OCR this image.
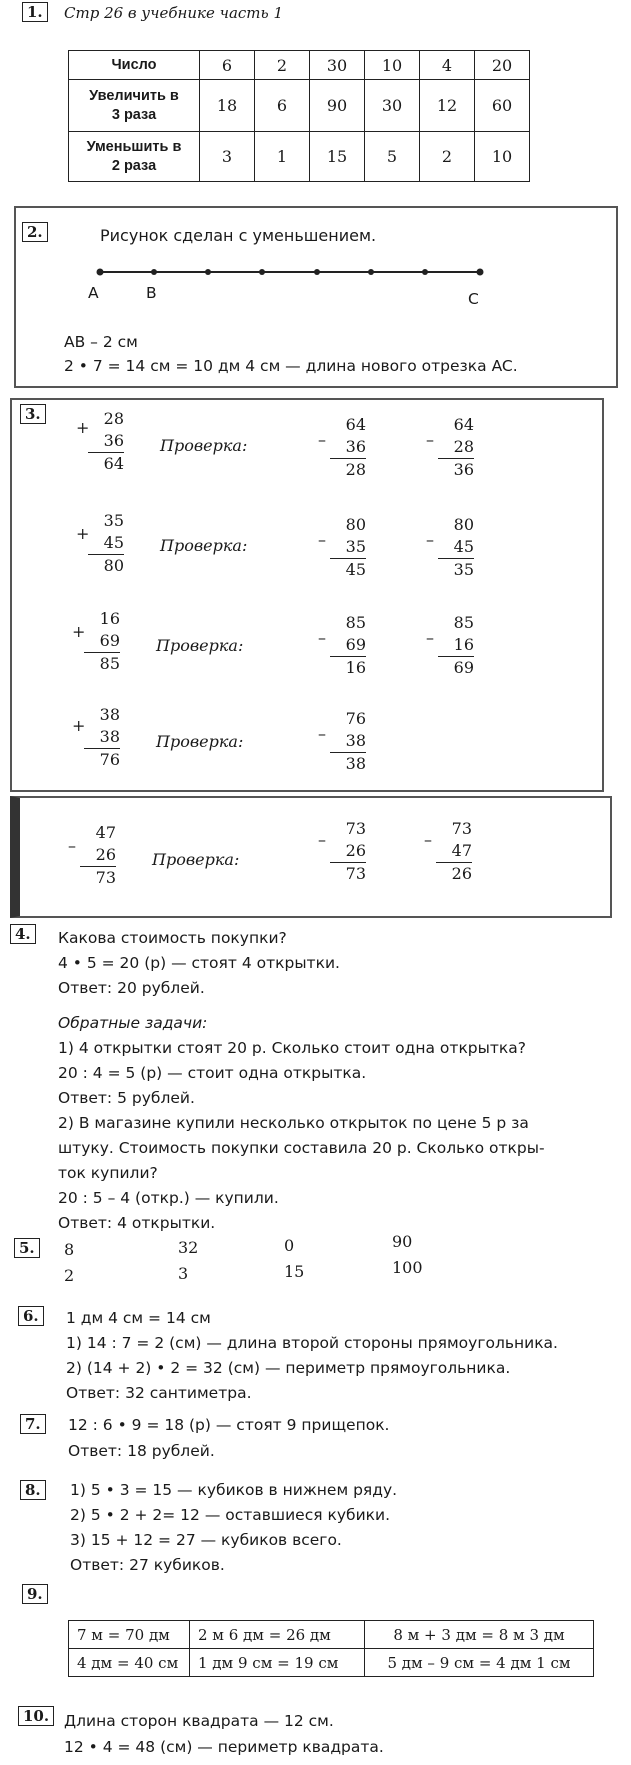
1.	Стр 26 в учебнике часть 1
Число	6	2	30	10	4	20

Увеличить в
3 раза	18	6	90	30	12	60

Уменьшить в
2 раза	3	1	15	5	2	10
2.	Рисунок сделан с уменьшением.
A	B	C
AB – 2 см
2 • 7 = 14 см = 10 дм 4 см — длина нового отрезка AC.
3.
+ 28
36
64
Проверка:	–
64
36
28
–
64
28
36
+
35
45
80
Проверка:	–
80
35
45
–
80
45
35
+
16
69
85
Проверка:	–
85
69
16
–
85
16
69
+
38
38
76
Проверка:	–
76
38
38
–
47
26
73
Проверка:
–
73
26
73
–
73
47
26
4.	Какова стоимость покупки?
4 • 5 = 20 (р) — стоят 4 открытки.
Ответ: 20 рублей.
Обратные задачи:
1) 4 открытки стоят 20 р. Сколько стоит одна открытка?
20 : 4 = 5 (р) — стоит одна открытка.
Ответ: 5 рублей.
2) В магазине купили несколько открыток по цене 5 р за
штуку. Стоимость покупки составила 20 р. Сколько откры-
ток купили?
20 : 5 – 4 (откр.) — купили.
Ответ: 4 открытки.
5.	8	32	0	90
2	3	15	100
6.	1 дм 4 см = 14 см
1) 14 : 7 = 2 (см) — длина второй стороны прямоугольника.
2) (14 + 2) • 2 = 32 (см) — периметр прямоугольника.
Ответ: 32 сантиметра.
7.	12 : 6 • 9 = 18 (р) — стоят 9 прищепок.
Ответ: 18 рублей.
8.	1) 5 • 3 = 15 — кубиков в нижнем ряду.
2) 5 • 2 + 2= 12 — оставшиеся кубики.
3) 15 + 12 = 27 — кубиков всего.
Ответ: 27 кубиков.
9.
7 м = 70 дм	2 м 6 дм = 26 дм	8 м + 3 дм = 8 м 3 дм
4 дм = 40 см	1 дм 9 см = 19 см	5 дм – 9 см = 4 дм 1 см
10. Длина сторон квадрата — 12 см.
12 • 4 = 48 (см) — периметр квадрата.
